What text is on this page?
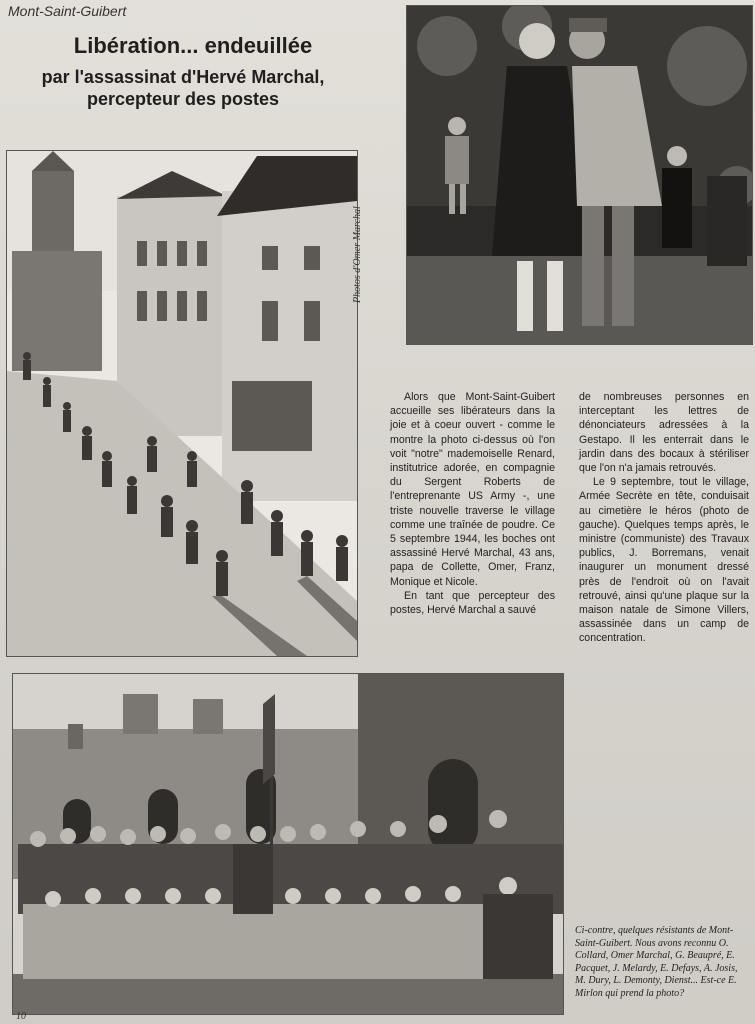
Mont-Saint-Guibert
Libération... endeuillée
par l'assassinat d'Hervé Marchal,
percepteur des postes
Photos d'Omer Marchal

Alors que Mont-Saint-Guibert accueille ses libérateurs dans la joie et à coeur ouvert - comme le montre la photo ci-dessus où l'on voit "notre" mademoiselle Renard, institutrice adorée, en compagnie du Sergent Roberts de l'entreprenante US Army -, une triste nouvelle traverse le village comme une traînée de poudre. Ce 5 septembre 1944, les boches ont assassiné Hervé Marchal, 43 ans, papa de Collette, Omer, Franz, Monique et Nicole.

En tant que percepteur des postes, Hervé Marchal a sauvé

de nombreuses personnes en interceptant les lettres de dénonciateurs adressées à la Gestapo. Il les enterrait dans le jardin dans des bocaux à stériliser que l'on n'a jamais retrouvés.

Le 9 septembre, tout le village, Armée Secrète en tête, conduisait au cimetière le héros (photo de gauche). Quelques temps après, le ministre (communiste) des Travaux publics, J. Borremans, venait inaugurer un monument dressé près de l'endroit où on l'avait retrouvé, ainsi qu'une plaque sur la maison natale de Simone Villers, assassinée dans un camp de concentration.

Ci-contre, quelques résistants de Mont-Saint-Guibert. Nous avons reconnu O. Collard, Omer Marchal, G. Beaupré, E. Pacquet, J. Melardy, E. Defays, A. Josis, M. Dury, L. Demonty, Dienst... Est-ce E. Mirlon qui prend la photo?
10
